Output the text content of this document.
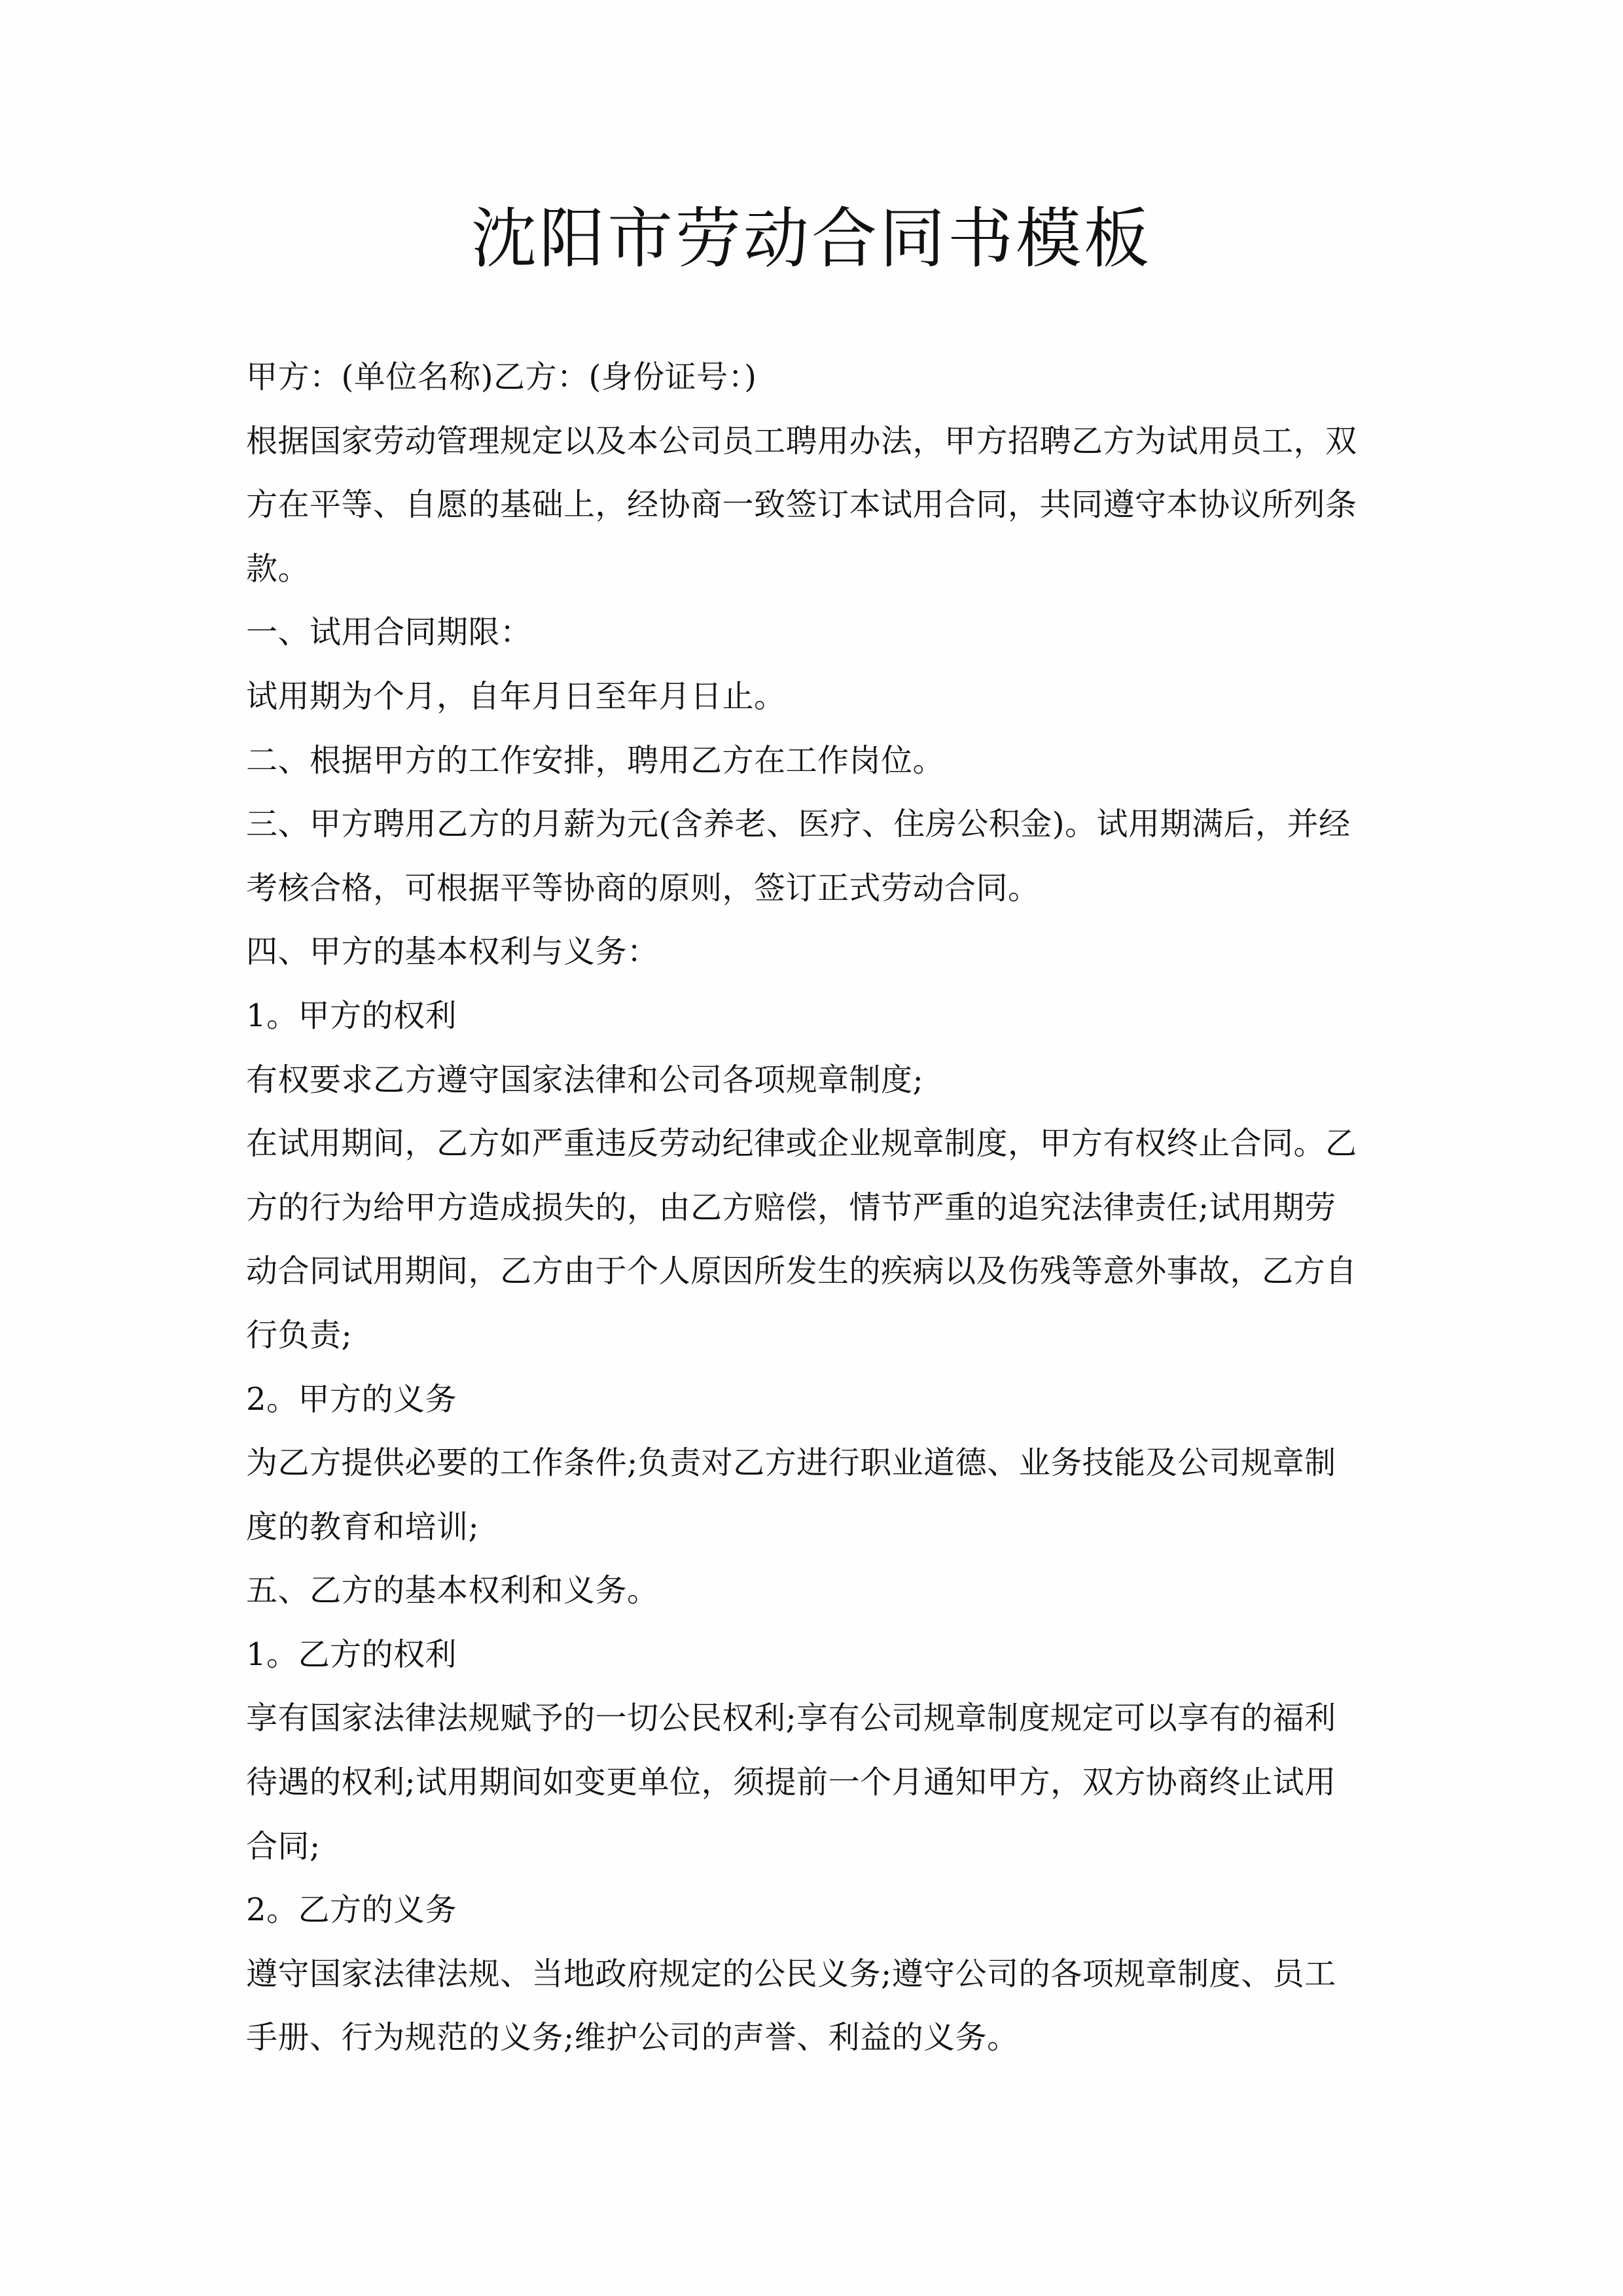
沈阳市劳动合同书模板
甲方：(单位名称)乙方：(身份证号：)
根据国家劳动管理规定以及本公司员工聘用办法，甲方招聘乙方为试用员工，双
方在平等、自愿的基础上，经协商一致签订本试用合同，共同遵守本协议所列条
款。
一、试用合同期限：
试用期为个月，自年月日至年月日止。
二、根据甲方的工作安排，聘用乙方在工作岗位。
三、甲方聘用乙方的月薪为元(含养老、医疗、住房公积金)。试用期满后，并经
考核合格，可根据平等协商的原则，签订正式劳动合同。
四、甲方的基本权利与义务：
1。甲方的权利
有权要求乙方遵守国家法律和公司各项规章制度;
在试用期间，乙方如严重违反劳动纪律或企业规章制度，甲方有权终止合同。乙
方的行为给甲方造成损失的，由乙方赔偿，情节严重的追究法律责任;试用期劳
动合同试用期间，乙方由于个人原因所发生的疾病以及伤残等意外事故，乙方自
行负责;
2。甲方的义务
为乙方提供必要的工作条件;负责对乙方进行职业道德、业务技能及公司规章制
度的教育和培训;
五、乙方的基本权利和义务。
1。乙方的权利
享有国家法律法规赋予的一切公民权利;享有公司规章制度规定可以享有的福利
待遇的权利;试用期间如变更单位，须提前一个月通知甲方，双方协商终止试用
合同;
2。乙方的义务
遵守国家法律法规、当地政府规定的公民义务;遵守公司的各项规章制度、员工
手册、行为规范的义务;维护公司的声誉、利益的义务。
